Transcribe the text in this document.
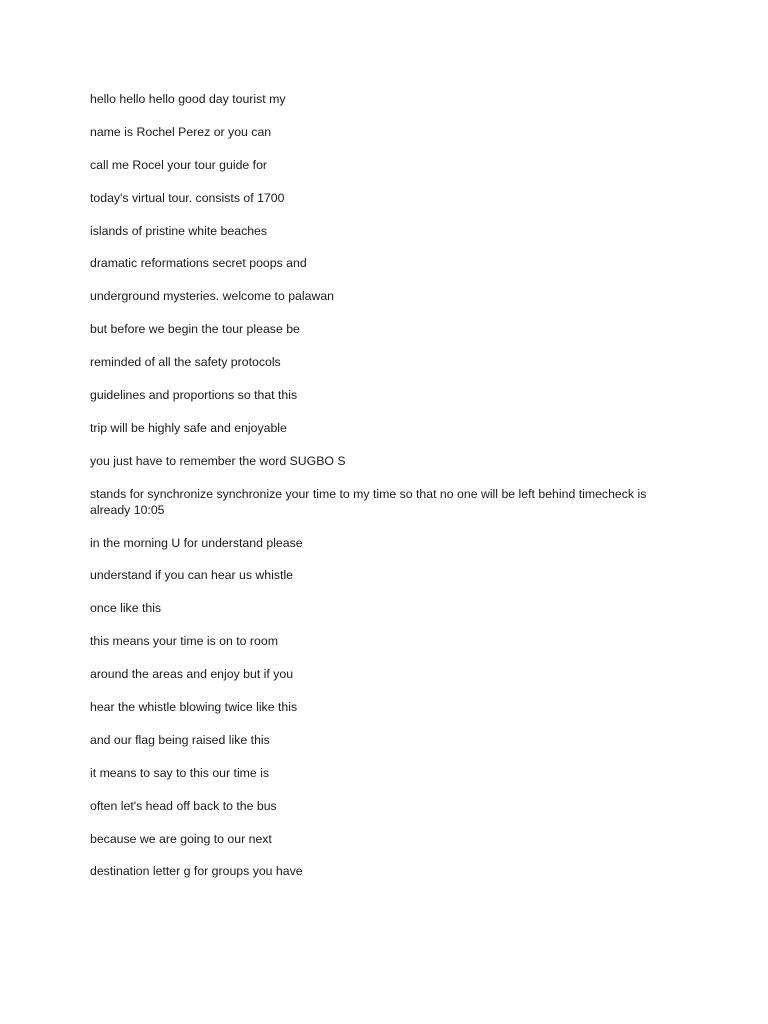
hello hello hello good day tourist my

name is Rochel Perez or you can

call me Rocel your tour guide for

today's virtual tour. consists of 1700

islands of pristine white beaches

dramatic reformations secret poops and

underground mysteries. welcome to palawan

but before we begin the tour please be

reminded of all the safety protocols

guidelines and proportions so that this

trip will be highly safe and enjoyable

you just have to remember the word SUGBO S

stands for synchronize synchronize your time to my time so that no one will be left behind timecheck is already 10:05

in the morning U for understand please

understand if you can hear us whistle

once like this

this means your time is on to room

around the areas and enjoy but if you

hear the whistle blowing twice like this

and our flag being raised like this

it means to say to this our time is

often let's head off back to the bus

because we are going to our next

destination letter g for groups you have
